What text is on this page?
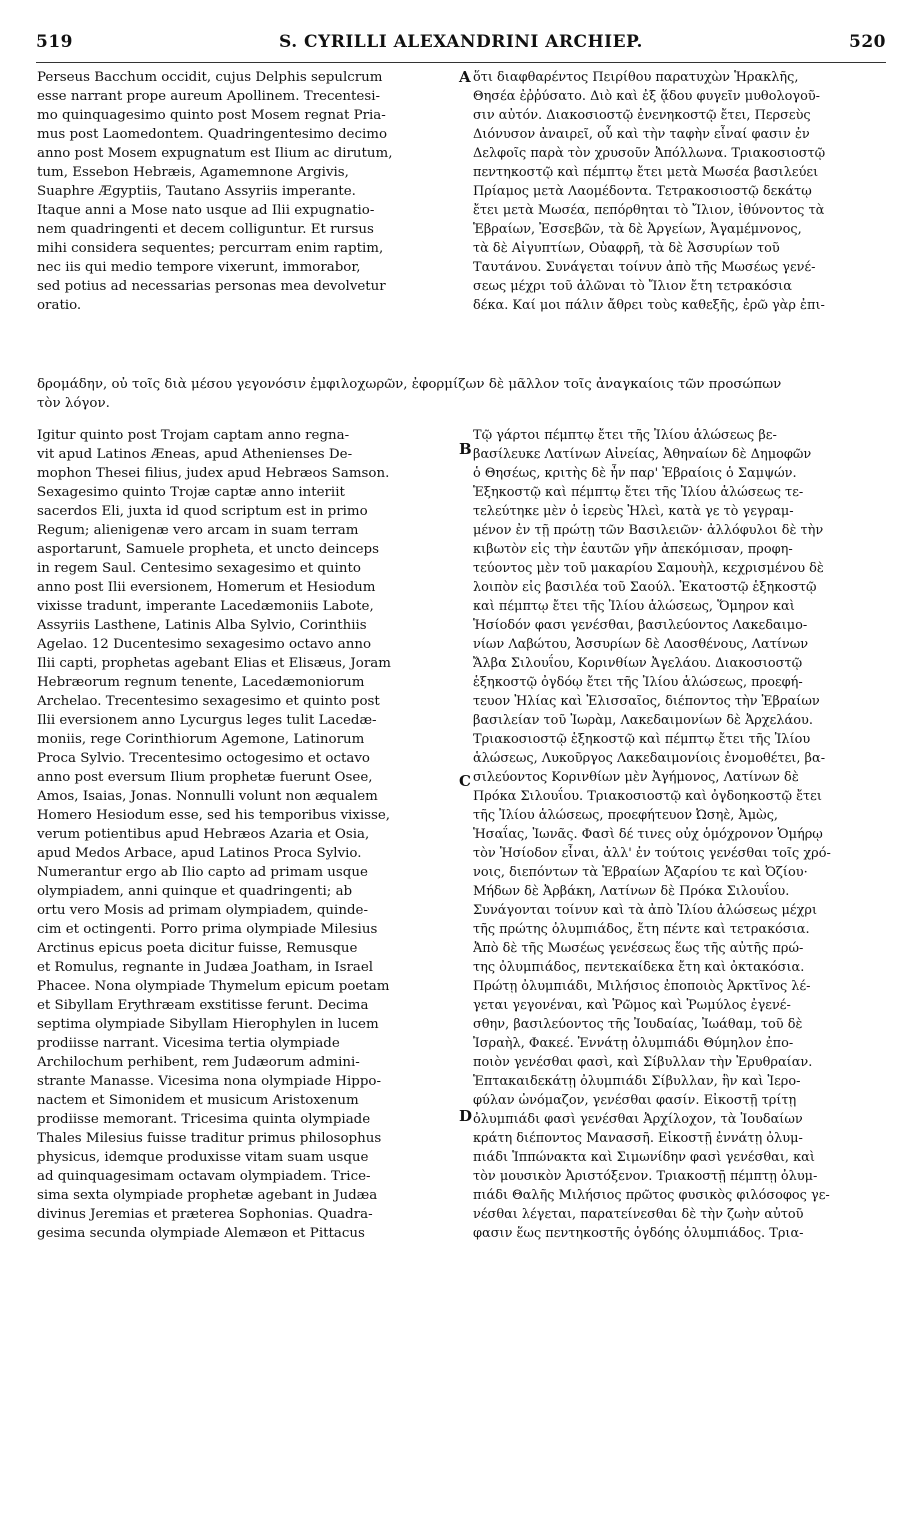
519	S. CYRILLI ALEXANDRINI ARCHIEP.	520
A
B
C
D
Perseus Bacchum occidit, cujus Delphis sepulcrum
esse narrant prope aureum Apollinem. Trecentesi-
mo quinquagesimo quinto post Mosem regnat Pria-
mus post Laomedontem. Quadringentesimo decimo
anno post Mosem expugnatum est Ilium ac dirutum,
tum, Essebon Hebræis, Agamemnone Argivis,
Suaphre Ægyptiis, Tautano Assyriis imperante.
Itaque anni a Mose nato usque ad Ilii expugnatio-
nem quadringenti et decem colliguntur. Et rursus
mihi considera sequentes; percurram enim raptim,
nec iis qui medio tempore vixerunt, immorabor,
sed potius ad necessarias personas mea devolvetur
oratio.
ὅτι διαφθαρέντος Πειρίθου παρατυχὼν Ἡρακλῆς,
Θησέα ἐῤῥύσατο. Διὸ καὶ ἐξ ᾅδου φυγεῖν μυθολογοῦ-
σιν αὐτόν. Διακοσιοστῷ ἐνενηκοστῷ ἔτει, Περσεὺς
Διόνυσον ἀναιρεῖ, οὗ καὶ τὴν ταφὴν εἶναί φασιν ἐν
Δελφοῖς παρὰ τὸν χρυσοῦν Ἀπόλλωνα. Τριακοσιοστῷ
πεντηκοστῷ καὶ πέμπτῳ ἔτει μετὰ Μωσέα βασιλεύει
Πρίαμος μετὰ Λαομέδοντα. Τετρακοσιοστῷ δεκάτῳ
ἔτει μετὰ Μωσέα, πεπόρθηται τὸ Ἴλιον, ἰθύνοντος τὰ
Ἑβραίων, Ἐσσεβῶν, τὰ δὲ Ἀργείων, Ἀγαμέμνονος,
τὰ δὲ Αἰγυπτίων, Οὐαφρῆ, τὰ δὲ Ἀσσυρίων τοῦ
Ταυτάνου. Συνάγεται τοίνυν ἀπὸ τῆς Μωσέως γενέ-
σεως μέχρι τοῦ ἁλῶναι τὸ Ἴλιον ἔτη τετρακόσια
δέκα. Καί μοι πάλιν ἄθρει τοὺς καθεξῆς, ἐρῶ γὰρ ἐπι-
δρομάδην, οὐ τοῖς διὰ μέσου γεγονόσιν ἐμφιλοχωρῶν, ἐφορμίζων δὲ μᾶλλον τοῖς ἀναγκαίοις τῶν προσώπων
τὸν λόγον.
Igitur quinto post Trojam captam anno regna-
vit apud Latinos Æneas, apud Athenienses De-
mophon Thesei filius, judex apud Hebræos Samson.
Sexagesimo quinto Trojæ captæ anno interiit
sacerdos Eli, juxta id quod scriptum est in primo
Regum; alienigenæ vero arcam in suam terram
asportarunt, Samuele propheta, et uncto deinceps
in regem Saul. Centesimo sexagesimo et quinto
anno post Ilii eversionem, Homerum et Hesiodum
vixisse tradunt, imperante Lacedæmoniis Labote,
Assyriis Lasthene, Latinis Alba Sylvio, Corinthiis
Agelao. 12 Ducentesimo sexagesimo octavo anno
Ilii capti, prophetas agebant Elias et Elisæus, Joram
Hebræorum regnum tenente, Lacedæmoniorum
Archelao. Trecentesimo sexagesimo et quinto post
Ilii eversionem anno Lycurgus leges tulit Lacedæ-
moniis, rege Corinthiorum Agemone, Latinorum
Proca Sylvio. Trecentesimo octogesimo et octavo
anno post eversum Ilium prophetæ fuerunt Osee,
Amos, Isaias, Jonas. Nonnulli volunt non æqualem
Homero Hesiodum esse, sed his temporibus vixisse,
verum potientibus apud Hebræos Azaria et Osia,
apud Medos Arbace, apud Latinos Proca Sylvio.
Numerantur ergo ab Ilio capto ad primam usque
olympiadem, anni quinque et quadringenti; ab
ortu vero Mosis ad primam olympiadem, quinde-
cim et octingenti. Porro prima olympiade Milesius
Arctinus epicus poeta dicitur fuisse, Remusque
et Romulus, regnante in Judæa Joatham, in Israel
Phacee. Nona olympiade Thymelum epicum poetam
et Sibyllam Erythræam exstitisse ferunt. Decima
septima olympiade Sibyllam Hierophylen in lucem
prodiisse narrant. Vicesima tertia olympiade
Archilochum perhibent, rem Judæorum admini-
strante Manasse. Vicesima nona olympiade Hippo-
nactem et Simonidem et musicum Aristoxenum
prodiisse memorant. Tricesima quinta olympiade
Thales Milesius fuisse traditur primus philosophus
physicus, idemque produxisse vitam suam usque
ad quinquagesimam octavam olympiadem. Trice-
sima sexta olympiade prophetæ agebant in Judæa
divinus Jeremias et præterea Sophonias. Quadra-
gesima secunda olympiade Alemæon et Pittacus
Τῷ γάρτοι πέμπτῳ ἔτει τῆς Ἰλίου ἁλώσεως βε-
βασίλευκε Λατίνων Αἰνείας, Ἀθηναίων δὲ Δημοφῶν
ὁ Θησέως, κριτὴς δὲ ἦν παρ' Ἑβραίοις ὁ Σαμψών.
Ἑξηκοστῷ καὶ πέμπτῳ ἔτει τῆς Ἰλίου ἁλώσεως τε-
τελεύτηκε μὲν ὁ ἱερεὺς Ἠλεὶ, κατὰ γε τὸ γεγραμ-
μένον ἐν τῇ πρώτῃ τῶν Βασιλειῶν· ἀλλόφυλοι δὲ τὴν
κιβωτὸν εἰς τὴν ἑαυτῶν γῆν ἀπεκόμισαν, προφη-
τεύοντος μὲν τοῦ μακαρίου Σαμουὴλ, κεχρισμένου δὲ
λοιπὸν εἰς βασιλέα τοῦ Σαούλ. Ἑκατοστῷ ἑξηκοστῷ
καὶ πέμπτῳ ἔτει τῆς Ἰλίου ἁλώσεως, Ὅμηρον καὶ
Ἡσίοδόν φασι γενέσθαι, βασιλεύοντος Λακεδαιμο-
νίων Λαβώτου, Ἀσσυρίων δὲ Λαοσθένους, Λατίνων
Ἄλβα Σιλουΐου, Κορινθίων Ἀγελάου. Διακοσιοστῷ
ἑξηκοστῷ ὀγδόῳ ἔτει τῆς Ἰλίου ἁλώσεως, προεφή-
τευον Ἠλίας καὶ Ἐλισσαῖος, διέποντος τὴν Ἑβραίων
βασιλείαν τοῦ Ἰωρὰμ, Λακεδαιμονίων δὲ Ἀρχελάου.
Τριακοσιοστῷ ἑξηκοστῷ καὶ πέμπτῳ ἔτει τῆς Ἰλίου
ἁλώσεως, Λυκοῦργος Λακεδαιμονίοις ἐνομοθέτει, βα-
σιλεύοντος Κορινθίων μὲν Ἀγήμονος, Λατίνων δὲ
Πρόκα Σιλουΐου. Τριακοσιοστῷ καὶ ὀγδοηκοστῷ ἔτει
τῆς Ἰλίου ἁλώσεως, προεφήτευον Ὠσηὲ, Ἀμὼς,
Ἡσαΐας, Ἰωνᾶς. Φασὶ δέ τινες οὐχ ὁμόχρονον Ὁμήρῳ
τὸν Ἡσίοδον εἶναι, ἀλλ' ἐν τούτοις γενέσθαι τοῖς χρό-
νοις, διεπόντων τὰ Ἑβραίων Ἀζαρίου τε καὶ Ὀζίου·
Μήδων δὲ Ἀρβάκη, Λατίνων δὲ Πρόκα Σιλουΐου.
Συνάγονται τοίνυν καὶ τὰ ἀπὸ Ἰλίου ἁλώσεως μέχρι
τῆς πρώτης ὀλυμπιάδος, ἔτη πέντε καὶ τετρακόσια.
Ἀπὸ δὲ τῆς Μωσέως γενέσεως ἕως τῆς αὐτῆς πρώ-
της ὀλυμπιάδος, πεντεκαίδεκα ἔτη καὶ ὀκτακόσια.
Πρώτῃ ὀλυμπιάδι, Μιλήσιος ἐποποιὸς Ἀρκτῖνος λέ-
γεται γεγονέναι, καὶ Ῥῶμος καὶ Ῥωμύλος ἐγενέ-
σθην, βασιλεύοντος τῆς Ἰουδαίας, Ἰωάθαμ, τοῦ δὲ
Ἰσραὴλ, Φακεέ. Ἐννάτῃ ὀλυμπιάδι Θύμηλον ἐπο-
ποιὸν γενέσθαι φασὶ, καὶ Σίβυλλαν τὴν Ἐρυθραίαν.
Ἑπτακαιδεκάτῃ ὀλυμπιάδι Σίβυλλαν, ἣν καὶ Ἱερο-
φύλαν ὠνόμαζον, γενέσθαι φασίν. Εἰκοστῇ τρίτῃ
ὀλυμπιάδι φασὶ γενέσθαι Ἀρχίλοχον, τὰ Ἰουδαίων
κράτη διέποντος Μανασσῆ. Εἰκοστῇ ἐννάτῃ ὀλυμ-
πιάδι Ἱππώνακτα καὶ Σιμωνίδην φασὶ γενέσθαι, καὶ
τὸν μουσικὸν Ἀριστόξενον. Τριακοστῇ πέμπτῃ ὀλυμ-
πιάδι Θαλῆς Μιλήσιος πρῶτος φυσικὸς φιλόσοφος γε-
νέσθαι λέγεται, παρατείνεσθαι δὲ τὴν ζωὴν αὐτοῦ
φασιν ἕως πεντηκοστῆς ὀγδόης ὀλυμπιάδος. Τρια-
